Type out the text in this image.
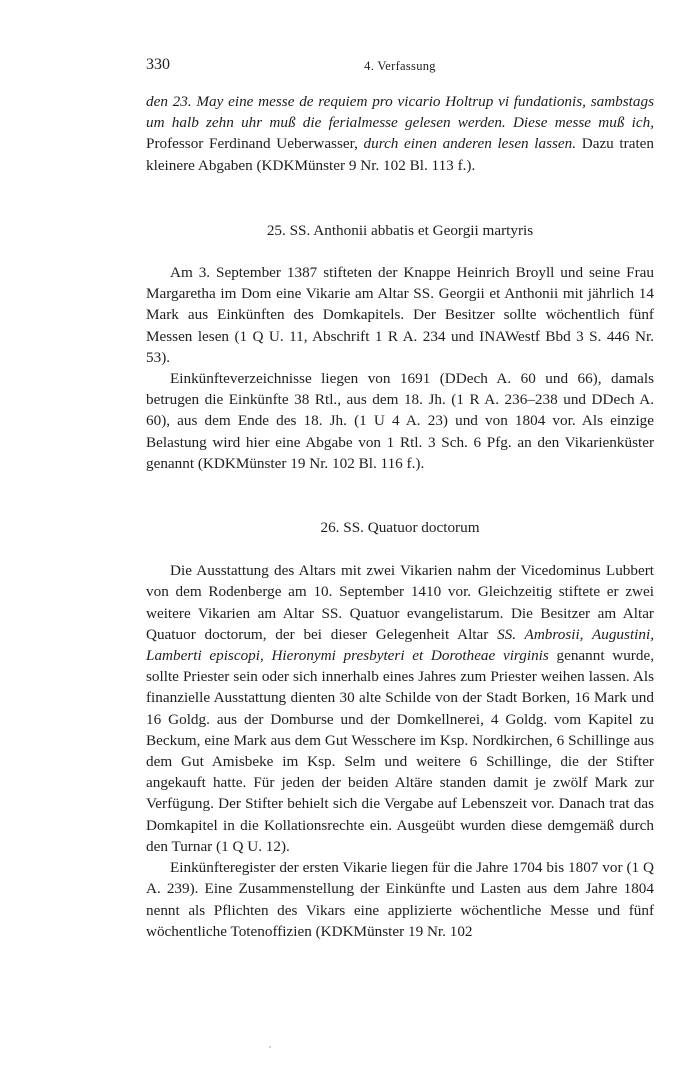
330	4. Verfassung

den 23. May eine messe de requiem pro vicario Holtrup vi fundationis, sambstags um halb zehn uhr muß die ferialmesse gelesen werden. Diese messe muß ich, Professor Ferdinand Ueberwasser, durch einen anderen lesen lassen. Dazu traten kleinere Abgaben (KDKMünster 9 Nr. 102 Bl. 113 f.).

25. SS. Anthonii abbatis et Georgii martyris

Am 3. September 1387 stifteten der Knappe Heinrich Broyll und seine Frau Margaretha im Dom eine Vikarie am Altar SS. Georgii et Anthonii mit jährlich 14 Mark aus Einkünften des Domkapitels. Der Besitzer sollte wöchentlich fünf Messen lesen (1 Q U. 11, Abschrift 1 R A. 234 und INAWestf Bbd 3 S. 446 Nr. 53).

Einkünfteverzeichnisse liegen von 1691 (DDech A. 60 und 66), damals betrugen die Einkünfte 38 Rtl., aus dem 18. Jh. (1 R A. 236–238 und DDech A. 60), aus dem Ende des 18. Jh. (1 U 4 A. 23) und von 1804 vor. Als einzige Belastung wird hier eine Abgabe von 1 Rtl. 3 Sch. 6 Pfg. an den Vikarienküster genannt (KDKMünster 19 Nr. 102 Bl. 116 f.).

26. SS. Quatuor doctorum

Die Ausstattung des Altars mit zwei Vikarien nahm der Vicedominus Lubbert von dem Rodenberge am 10. September 1410 vor. Gleichzeitig stiftete er zwei weitere Vikarien am Altar SS. Quatuor evangelistarum. Die Besitzer am Altar Quatuor doctorum, der bei dieser Gelegenheit Altar SS. Ambrosii, Augustini, Lamberti episcopi, Hieronymi presbyteri et Dorotheae virginis genannt wurde, sollte Priester sein oder sich innerhalb eines Jahres zum Priester weihen lassen. Als finanzielle Ausstattung dienten 30 alte Schilde von der Stadt Borken, 16 Mark und 16 Goldg. aus der Domburse und der Domkellnerei, 4 Goldg. vom Kapitel zu Beckum, eine Mark aus dem Gut Wesschere im Ksp. Nordkirchen, 6 Schillinge aus dem Gut Amisbeke im Ksp. Selm und weitere 6 Schillinge, die der Stifter angekauft hatte. Für jeden der beiden Altäre standen damit je zwölf Mark zur Verfügung. Der Stifter behielt sich die Vergabe auf Lebenszeit vor. Danach trat das Domkapitel in die Kollationsrechte ein. Ausgeübt wurden diese demgemäß durch den Turnar (1 Q U. 12).

Einkünfteregister der ersten Vikarie liegen für die Jahre 1704 bis 1807 vor (1 Q A. 239). Eine Zusammenstellung der Einkünfte und Lasten aus dem Jahre 1804 nennt als Pflichten des Vikars eine applizierte wöchentliche Messe und fünf wöchentliche Totenoffizien (KDKMünster 19 Nr. 102
